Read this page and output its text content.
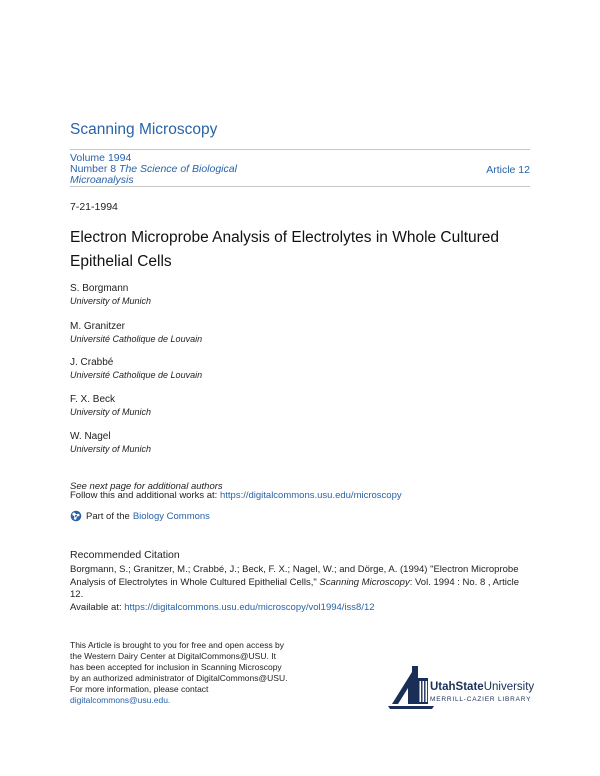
Scanning Microscopy
Volume 1994
Number 8 The Science of Biological
Microanalysis
Article 12
7-21-1994
Electron Microprobe Analysis of Electrolytes in Whole Cultured
Epithelial Cells
S. Borgmann
University of Munich
M. Granitzer
Université Catholique de Louvain
J. Crabbé
Université Catholique de Louvain
F. X. Beck
University of Munich
W. Nagel
University of Munich
See next page for additional authors
Follow this and additional works at: https://digitalcommons.usu.edu/microscopy
Part of the Biology Commons
Recommended Citation
Borgmann, S.; Granitzer, M.; Crabbé, J.; Beck, F. X.; Nagel, W.; and Dörge, A. (1994) "Electron Microprobe
Analysis of Electrolytes in Whole Cultured Epithelial Cells," Scanning Microscopy: Vol. 1994 : No. 8 , Article
12.
Available at: https://digitalcommons.usu.edu/microscopy/vol1994/iss8/12
This Article is brought to you for free and open access by
the Western Dairy Center at DigitalCommons@USU. It
has been accepted for inclusion in Scanning Microscopy
by an authorized administrator of DigitalCommons@USU.
For more information, please contact
digitalcommons@usu.edu.
UtahStateUniversity
MERRILL-CAZIER LIBRARY
